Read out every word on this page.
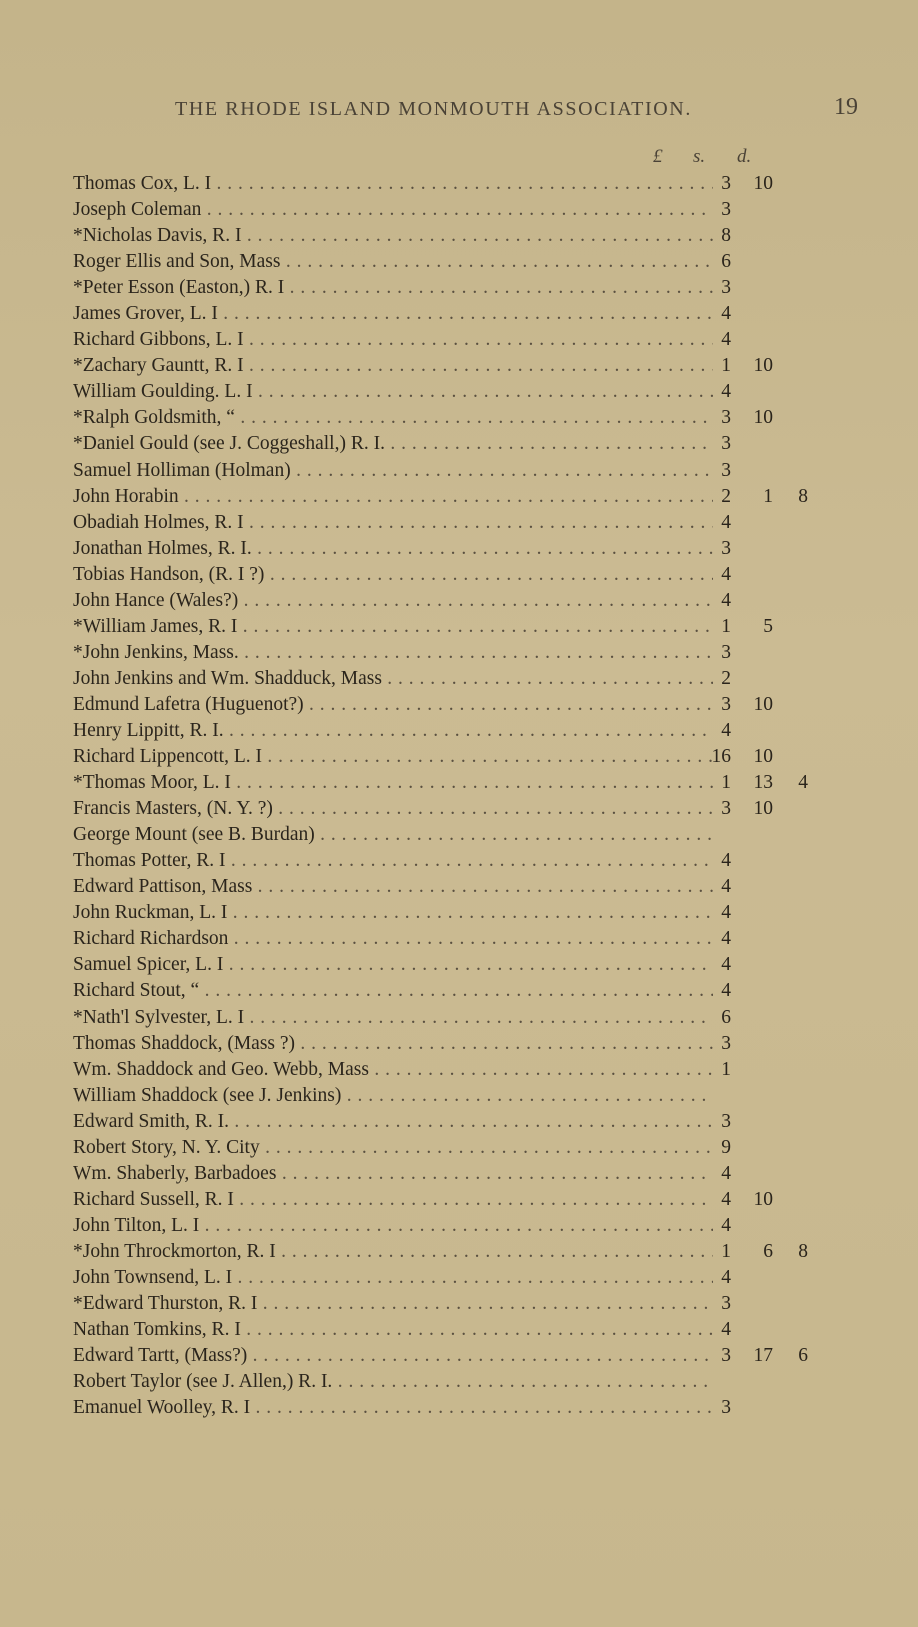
THE RHODE ISLAND MONMOUTH ASSOCIATION.	19
£ s. d.
Thomas Cox, L. I . . .	3	10
Joseph Coleman . . .	3
*Nicholas Davis, R. I . . .	8
Roger Ellis and Son, Mass . . .	6
*Peter Esson (Easton,) R. I . . .	3
James Grover, L. I . . .	4
Richard Gibbons, L. I . . .	4
*Zachary Gauntt, R. I . . .	1	10
William Goulding. L. I . . .	4
*Ralph Goldsmith, “ . . .	3	10
*Daniel Gould (see J. Coggeshall,) R. I. . . .	3
Samuel Holliman (Holman) . . .	3
John Horabin . . .	2	1	8
Obadiah Holmes, R. I . . .	4
Jonathan Holmes, R. I. . . .	3
Tobias Handson, (R. I ?) . . .	4
John Hance (Wales?) . . .	4
*William James, R. I . . .	1	5
*John Jenkins, Mass. . . .	3
John Jenkins and Wm. Shadduck, Mass . . .	2
Edmund Lafetra (Huguenot?) . . .	3	10
Henry Lippitt, R. I. . . .	4
Richard Lippencott, L. I . . .	16	10
*Thomas Moor, L. I . . .	1	13	4
Francis Masters, (N. Y. ?) . . .	3	10
George Mount (see B. Burdan) . . .
Thomas Potter, R. I . . .	4
Edward Pattison, Mass . . .	4
John Ruckman, L. I . . .	4
Richard Richardson . . .	4
Samuel Spicer, L. I . . .	4
Richard Stout, “ . . .	4
*Nath'l Sylvester, L. I . . .	6
Thomas Shaddock, (Mass ?) . . .	3
Wm. Shaddock and Geo. Webb, Mass . . .	1
William Shaddock (see J. Jenkins) . . .
Edward Smith, R. I. . . .	3
Robert Story, N. Y. City . . .	9
Wm. Shaberly, Barbadoes . . .	4
Richard Sussell, R. I . . .	4	10
John Tilton, L. I . . .	4
*John Throckmorton, R. I . . .	1	6	8
John Townsend, L. I . . .	4
*Edward Thurston, R. I . . .	3
Nathan Tomkins, R. I . . .	4
Edward Tartt, (Mass?) . . .	3	17	6
Robert Taylor (see J. Allen,) R. I. . . .
Emanuel Woolley, R. I . . .	3
